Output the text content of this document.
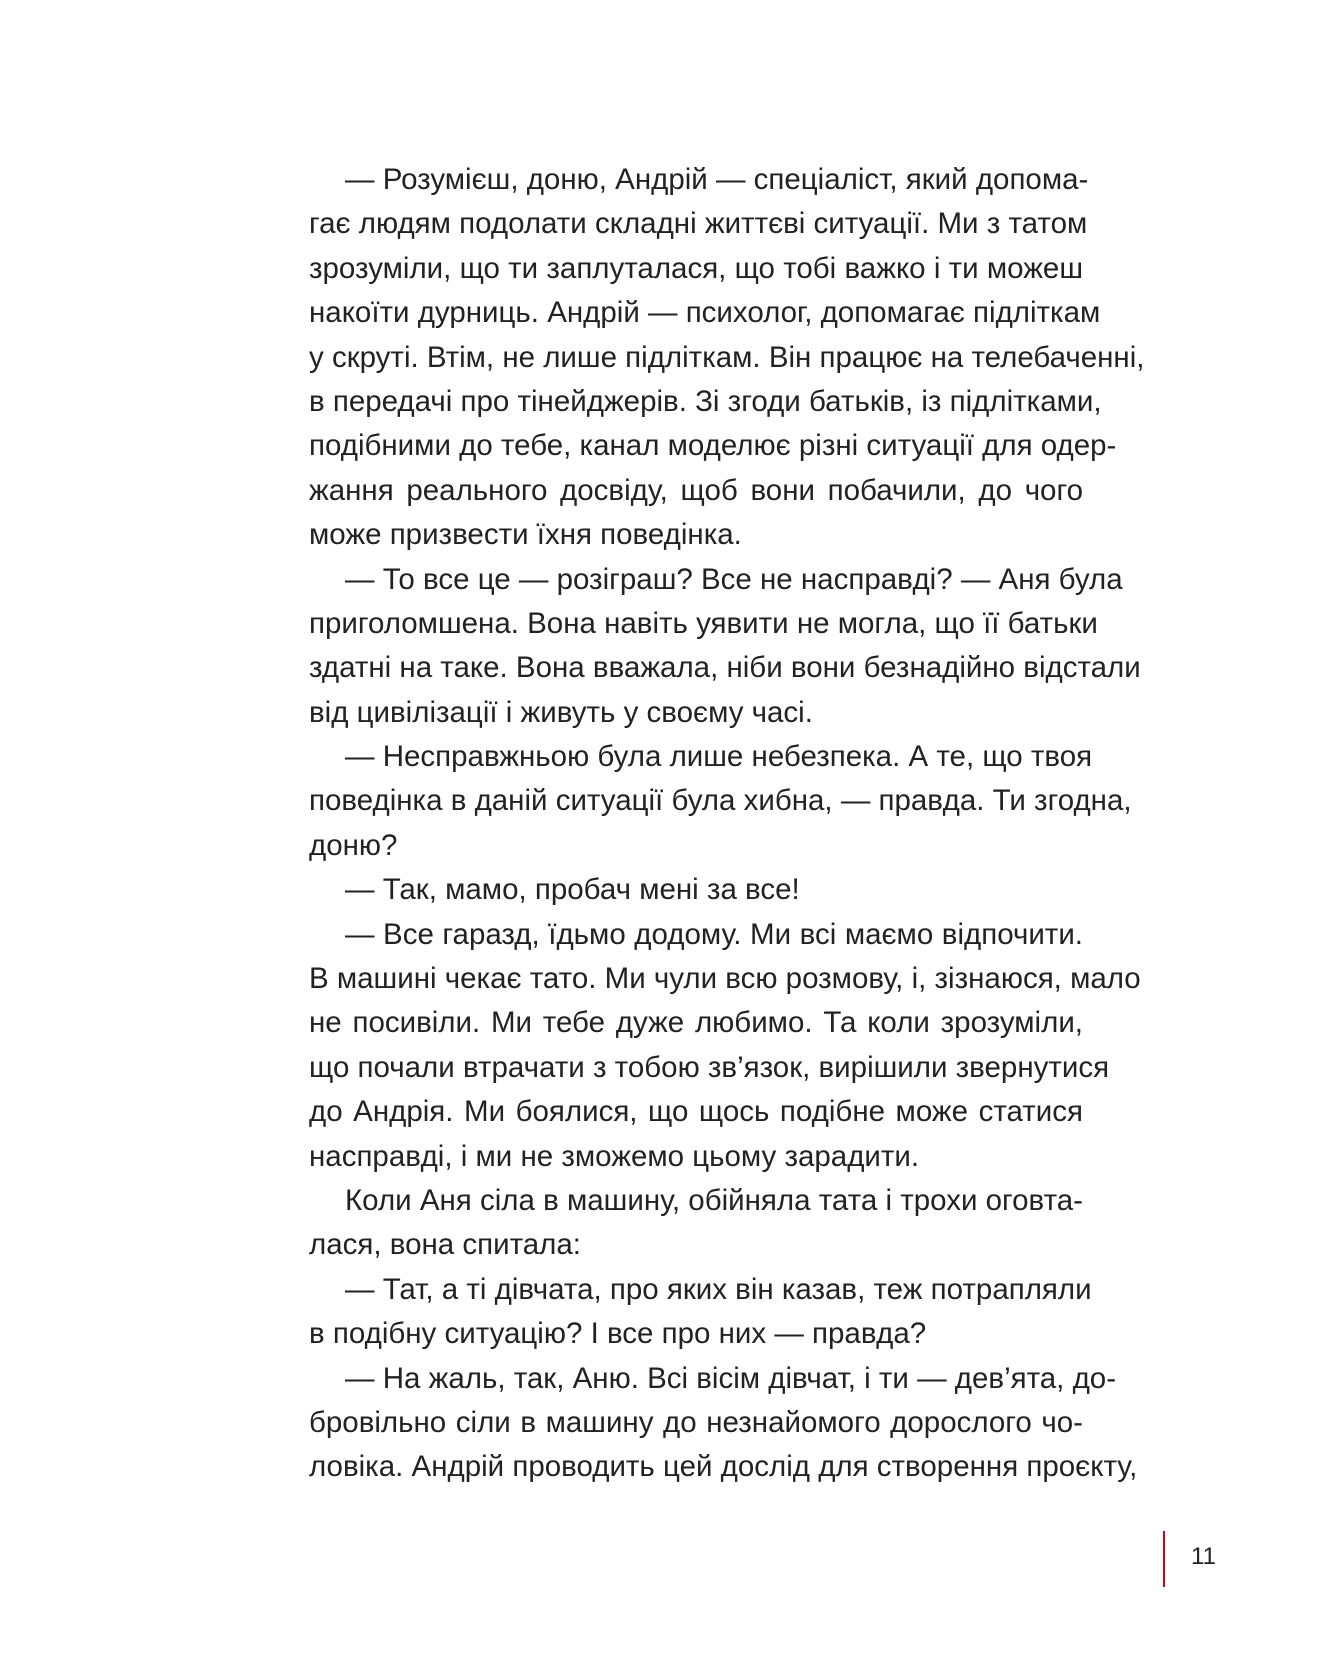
— Розумієш, доню, Андрій — спеціаліст, який допома-
гає людям подолати складні життєві ситуації. Ми з татом
зрозуміли, що ти заплуталася, що тобі важко і ти можеш
накоїти дурниць. Андрій — психолог, допомагає підліткам
у скруті. Втім, не лише підліткам. Він працює на телебаченні,
в передачі про тінейджерів. Зі згоди батьків, із підлітками,
подібними до тебе, канал моделює різні ситуації для одер-
жання реального досвіду, щоб вони побачили, до чого
може призвести їхня поведінка.
— То все це — розіграш? Все не насправді? — Аня була
приголомшена. Вона навіть уявити не могла, що її батьки
здатні на таке. Вона вважала, ніби вони безнадійно відстали
від цивілізації і живуть у своєму часі.
— Несправжньою була лише небезпека. А те, що твоя
поведінка в даній ситуації була хибна, — правда. Ти згодна,
доню?
— Так, мамо, пробач мені за все!
— Все гаразд, їдьмо додому. Ми всі маємо відпочити.
В машині чекає тато. Ми чули всю розмову, і, зізнаюся, мало
не посивіли. Ми тебе дуже любимо. Та коли зрозуміли,
що почали втрачати з тобою зв’язок, вирішили звернутися
до Андрія. Ми боялися, що щось подібне може статися
насправді, і ми не зможемо цьому зарадити.
Коли Аня сіла в машину, обійняла тата і трохи оговта-
лася, вона спитала:
— Тат, а ті дівчата, про яких він казав, теж потрапляли
в подібну ситуацію? І все про них — правда?
— На жаль, так, Аню. Всі вісім дівчат, і ти — дев’ята, до-
бровільно сіли в машину до незнайомого дорослого чо-
ловіка. Андрій проводить цей дослід для створення проєкту,
11
